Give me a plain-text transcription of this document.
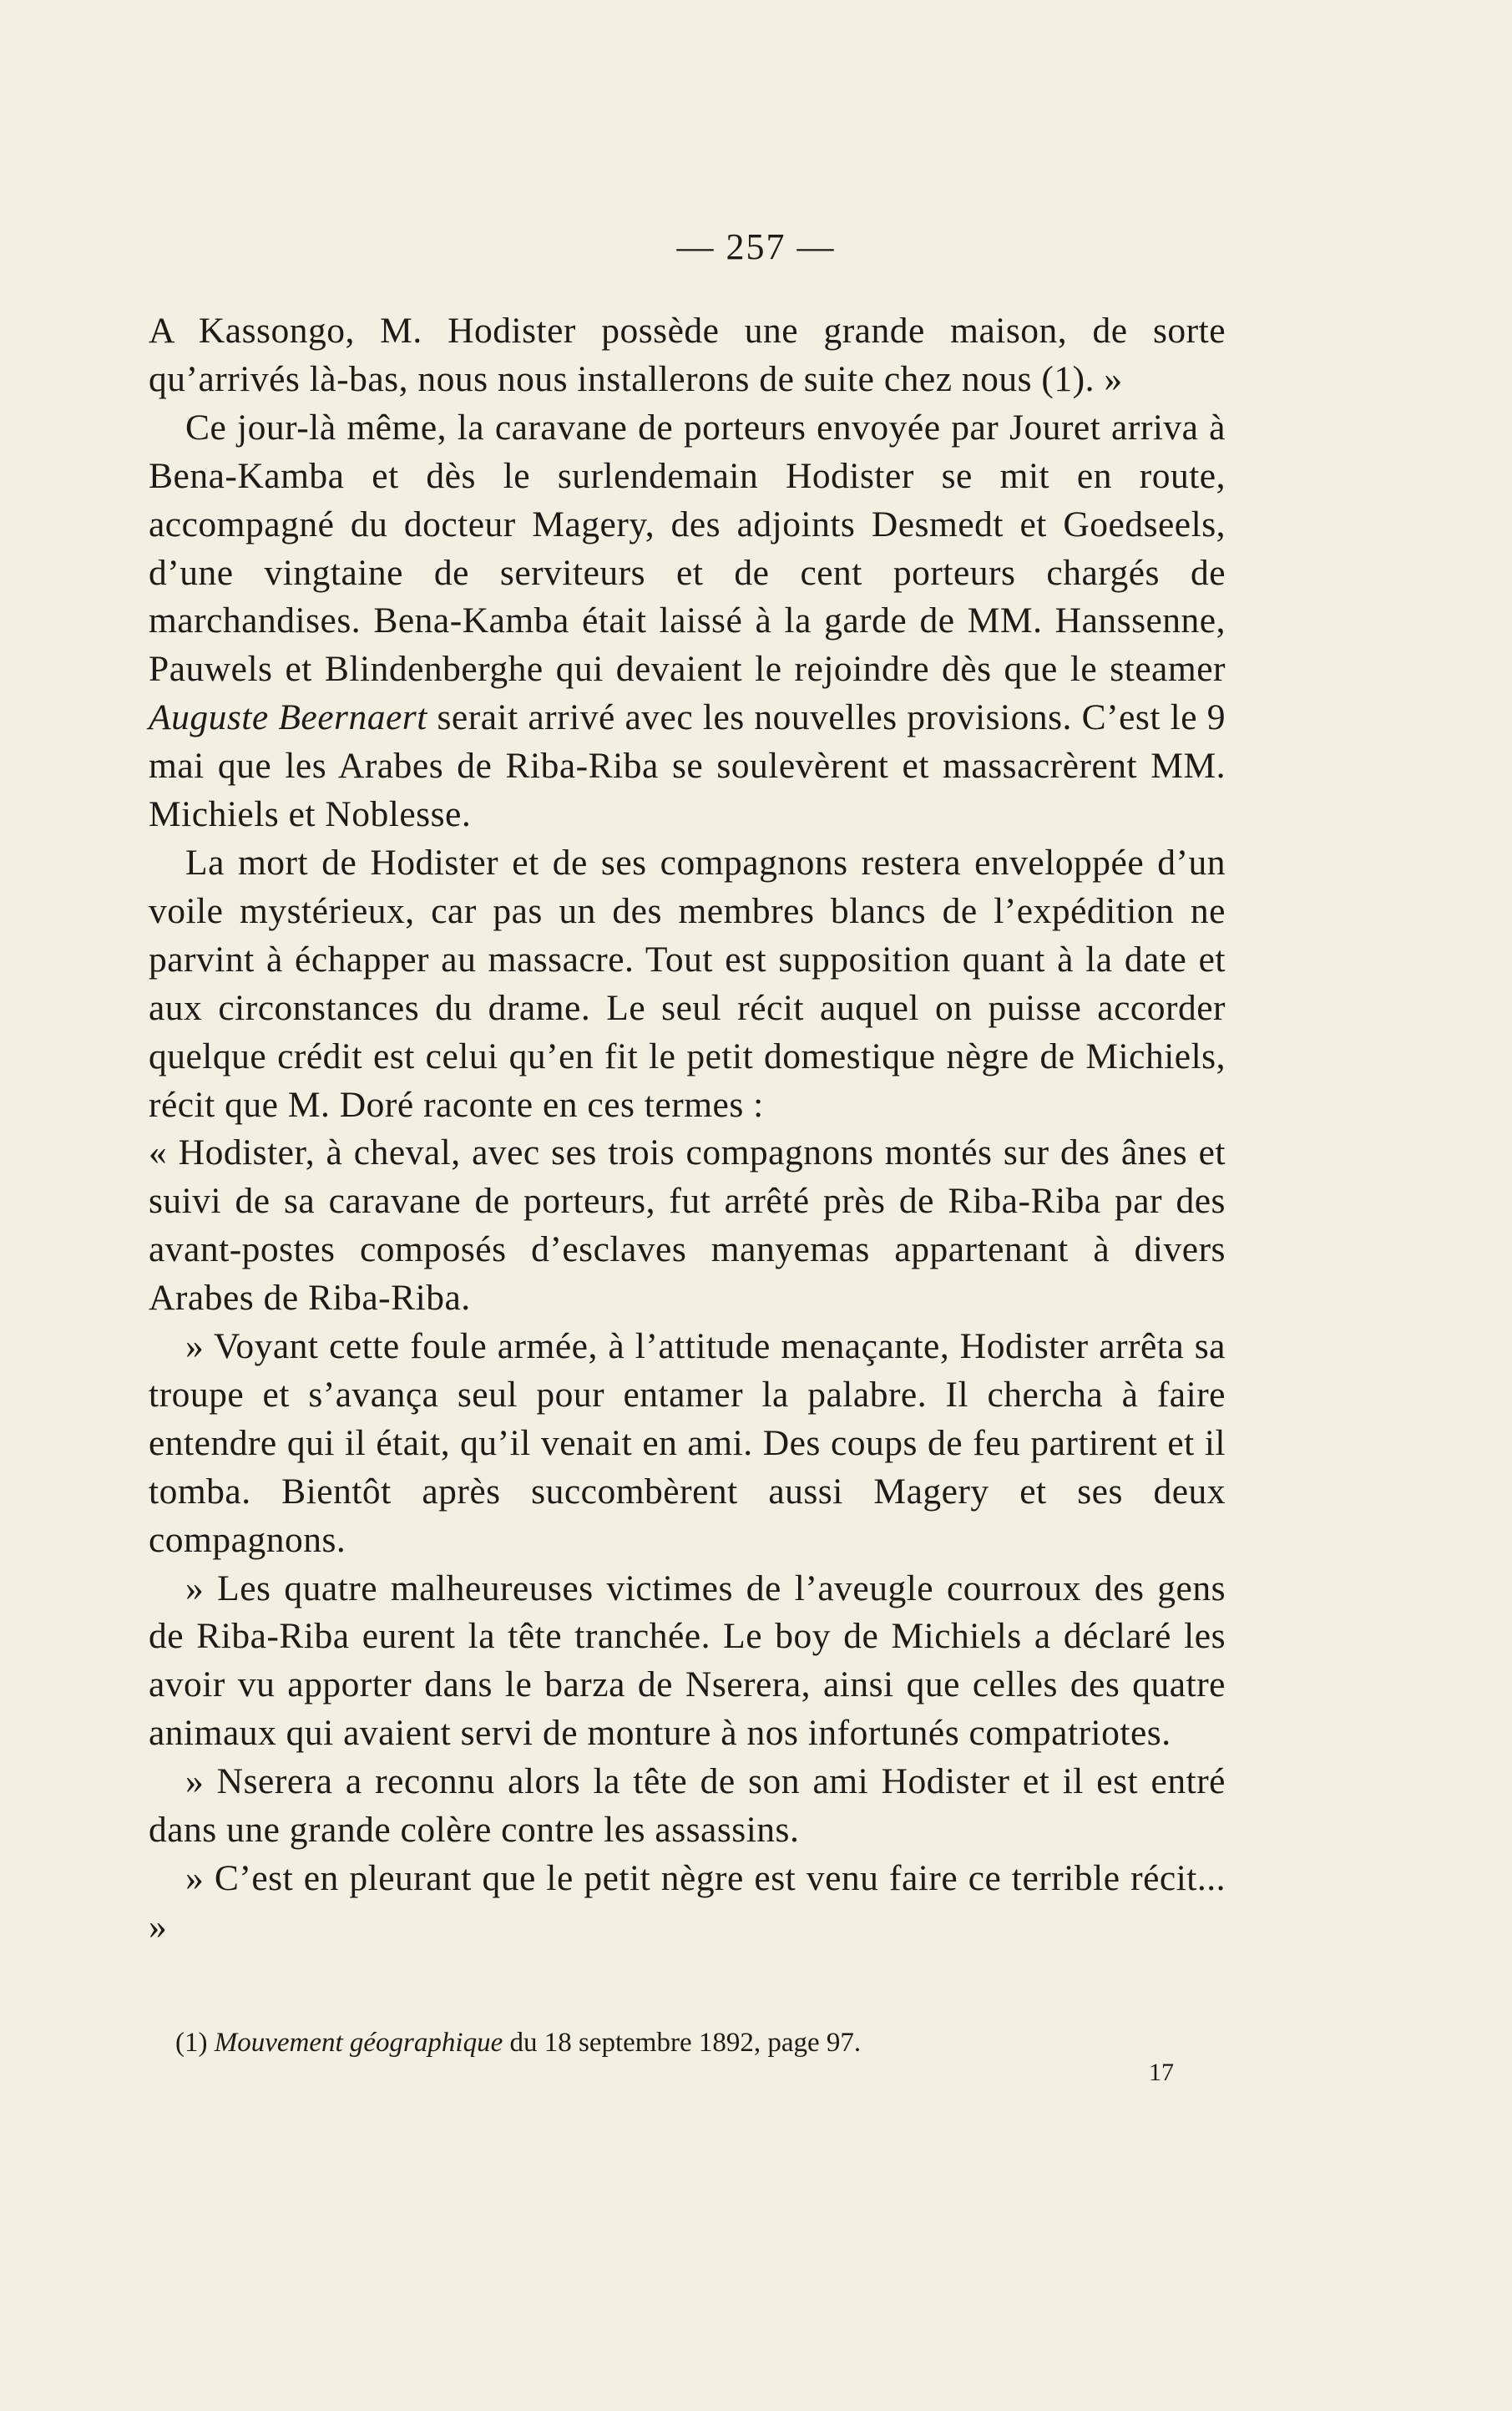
— 257 —

A Kassongo, M. Hodister possède une grande maison, de sorte qu’arrivés là-bas, nous nous installerons de suite chez nous (1). »

Ce jour-là même, la caravane de porteurs envoyée par Jouret arriva à Bena-Kamba et dès le surlendemain Hodister se mit en route, accompagné du docteur Magery, des adjoints Desmedt et Goedseels, d’une vingtaine de serviteurs et de cent porteurs chargés de marchandises. Bena-Kamba était laissé à la garde de MM. Hanssenne, Pauwels et Blindenberghe qui devaient le rejoindre dès que le steamer Auguste Beernaert serait arrivé avec les nouvelles provisions. C’est le 9 mai que les Arabes de Riba-Riba se soulevèrent et massacrèrent MM. Michiels et Noblesse.

La mort de Hodister et de ses compagnons restera enveloppée d’un voile mystérieux, car pas un des membres blancs de l’expédition ne parvint à échapper au massacre. Tout est supposition quant à la date et aux circonstances du drame. Le seul récit auquel on puisse accorder quelque crédit est celui qu’en fit le petit domestique nègre de Michiels, récit que M. Doré raconte en ces termes :

« Hodister, à cheval, avec ses trois compagnons montés sur des ânes et suivi de sa caravane de porteurs, fut arrêté près de Riba-Riba par des avant-postes composés d’esclaves manyemas appartenant à divers Arabes de Riba-Riba.

» Voyant cette foule armée, à l’attitude menaçante, Hodister arrêta sa troupe et s’avança seul pour entamer la palabre. Il chercha à faire entendre qui il était, qu’il venait en ami. Des coups de feu partirent et il tomba. Bientôt après succombèrent aussi Magery et ses deux compagnons.

» Les quatre malheureuses victimes de l’aveugle courroux des gens de Riba-Riba eurent la tête tranchée. Le boy de Michiels a déclaré les avoir vu apporter dans le barza de Nserera, ainsi que celles des quatre animaux qui avaient servi de monture à nos infortunés compatriotes.

» Nserera a reconnu alors la tête de son ami Hodister et il est entré dans une grande colère contre les assassins.

» C’est en pleurant que le petit nègre est venu faire ce terrible récit... »

(1) Mouvement géographique du 18 septembre 1892, page 97.
17
